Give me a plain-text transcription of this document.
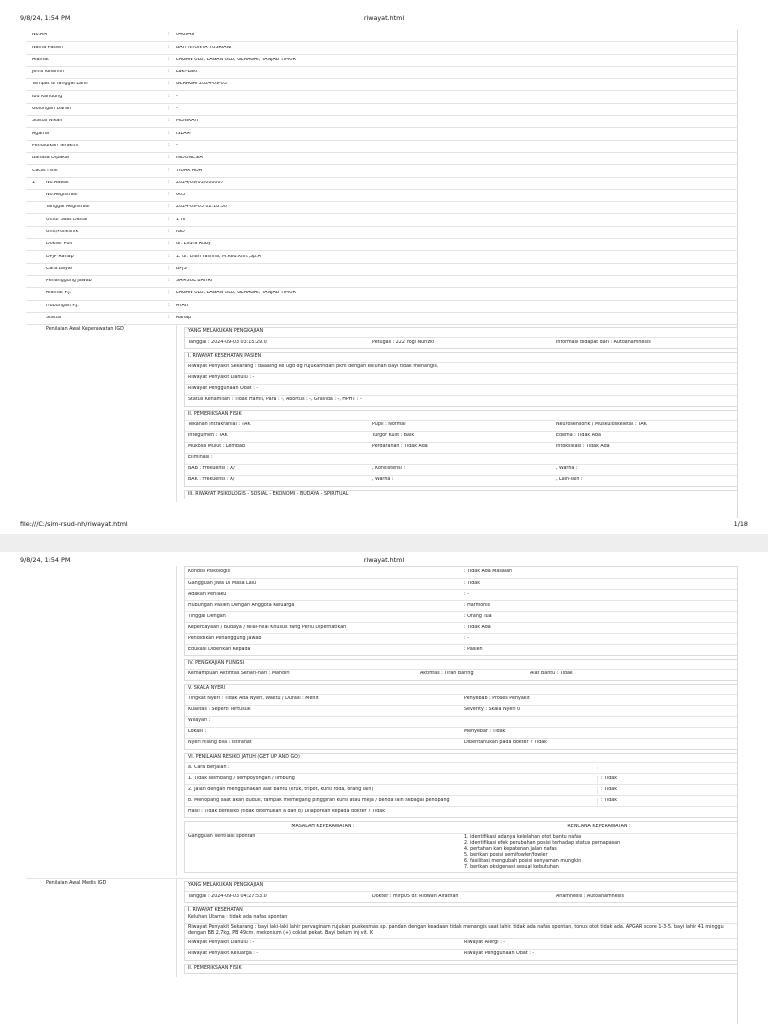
9/8/24, 1:54 PM	riwayat.html
No.RM	:	048949
Nama Pasien	:	BAYI NYONYA YUSRIANI
Alamat	:	LAGAN ULU, LAGAN ULU, GERAGAI, TANJAB TIMUR
Jenis Kelamin	:	Laki-Laki
Tempat & Tanggal Lahir	:	GERAGAI 2024-09-03
Ibu Kandung	:	-
Golongan Darah	:	-
Status Nikah	:	MENIKAH
Agama	:	ISLAM
Pendidikan Terakhir	:	-
Bahasa Dipakai	:	INDONESIA
Cacat Fisik	:	TIDAK ADA
1	No.Rawat	:	2024/09/03/000007
No.Registrasi	:	003
Tanggal Registrasi	:	2024-09-03 02:18:50
Umur Saat Daftar	:	1 Hr
Unit/Poliklinik	:	IGD
Dokter Poli	:	dr. Elidra Ruby
DPJP Ranap	:	1. dr. Dian Yashifa, M.Ked.Klin.,Sp.A
Cara Bayar	:	BPJS
Penanggung Jawab	:	SAMSUL BAHRI
Alamat P.J.	:	LAGAN ULU, LAGAN ULU, GERAGAI, TANJAB TIMUR
Hubungan P.J.	:	AYAH
Status	:	Ranap
Penilaian Awal Keperawatan IGD	YANG MELAKUKAN PENGKAJIAN
Tanggal : 2024-09-03 03:15:29.0	Petugas : 222 Yogi Nurizki	Informasi didapat dari : Autoanamnesis
I. RIWAYAT KESEHATAN PASIEN
Riwayat Penyakit Sekarang : daaaing ke ugd dg rujukanndari pkm dengan keluhan bayi tidak menangis.
Riwayat Penyakit Dahulu : -
Riwayat Penggunaan Obat : -
Status Kehamilan : Tidak Hamil, Para : -, Abortus : -, Gravida : -, HPHT : -
II. PEMERIKSAAN FISIK
Tekanan Intrakranial : TAK	Pupil : Normal	Neurosensorik / Muskuloskeletal : TAK
Integumen : TAK	Turgor Kulit : Baik	Edema : Tidak Ada
Mukosa Mulut : Lembab	Perdarahan : Tidak Ada	Intoksikasi : Tidak Ada
Eliminasi :
BAB : Frekuensi : X/	, Konsistensi :	, Warna :
BAK : Frekuensi : X/	, Warna :	, Lain-lain :
III. RIWAYAT PSIKOLOGIS - SOSIAL - EKONOMI - BUDAYA - SPIRITUAL
file:///C:/sim-rsud-nh/riwayat.html	1/18
9/8/24, 1:54 PM	riwayat.html
Kondisi Psikologis	: Tidak Ada Masalah
Gangguan Jiwa Di Masa Lalu	: Tidak
Adakah Perilaku	: -
Hubungan Pasien Dengan Anggota Keluarga	: Harmonis
Tinggal Dengan	: Orang Tua
Kepercayaan / Budaya / Nilai-nilai Khusus Yang Perlu Diperhatikan	: Tidak Ada
Pendidikan Penanggung Jawab	: -
Edukasi Diberikan Kepada	: Pasien
IV. PENGKAJIAN FUNGSI
Kemampuan Aktifitas Sehari-hari : Mandiri	Aktifitas : Tirah Baring	Alat Bantu : Tidak
V. SKALA NYERI
Tingkat Nyeri : Tidak Ada Nyeri, Waktu / Durasi : Menit	Penyebab : Proses Penyakit
Kualitas : Seperti Tertusuk	Severity : Skala Nyeri 0
Wilayah :
Lokasi :	Menyebar : Tidak
Nyeri hilang bila : Istirahat	Diberitahukan pada dokter ? Tidak
VI. PENILAIAN RESIKO JATUH (GET UP AND GO)
a. Cara Berjalan :
1. Tidak seimbang / sempoyongan / limbung	: Tidak
2. Jalan dengan menggunakan alat bantu (kruk, tripot, kursi roda, orang lain)	: Tidak
b. Menopang saat akan duduk, tampak memegang pinggiran kursi atau meja / benda lain sebagai penopang	: Tidak
Hasil : Tidak beresiko (tidak ditemukan a dan b) Dilaporkan kepada dokter ? Tidak
MASALAH KEPERAWATAN :	RENCANA KEPERAWATAN :
Gangguan Ventilasi spontan	1. identifikasi adanya kelelahan otot bantu nafas
2. identifikasi efek perubahan posisi terhadap status pernapasan
4. pertahan kan kepatenan jalan nafas
5. berikan posisi semifowler/fowler
6. fasilitasi mengubah posisi senyaman mungkin
7. berikan oksigenasi sesuai kebutuhan
Penilaian Awal Medis IGD	YANG MELAKUKAN PENGKAJIAN
Tanggal : 2024-09-03 04:27:53.0	Dokter : mirp05 dr. Ridwan Alfathan	Anamnesis : Autoanamnesis
I. RIWAYAT KESEHATAN
Keluhan Utama : tidak ada nafas spontan
Riwayat Penyakit Sekarang : bayi laki-laki lahir pervaginam rujukan puskesmas sp. pandan dengan keadaan tidak menangis saat lahir. tidak ada nafas spontan, tonus otot tidak ada. APGAR score 1-3-5. bayi lahir 41 minggu dengan BB 2,7kg, PB 49cm. mekonium (+) coklat pekat. Bayi belum inj vit. K
Riwayat Penyakit Dahulu : -	Riwayat Alergi : -
Riwayat Penyakit Keluarga : -	Riwayat Penggunaan Obat : -
II. PEMERIKSAAN FISIK
